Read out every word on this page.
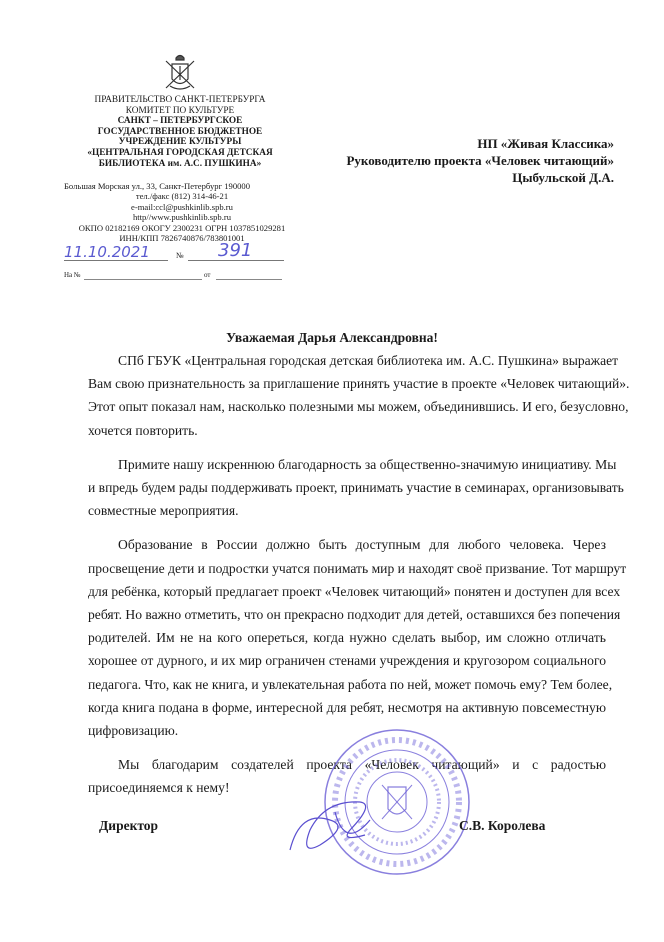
ПРАВИТЕЛЬСТВО САНКТ-ПЕТЕРБУРГА
КОМИТЕТ ПО КУЛЬТУРЕ
САНКТ – ПЕТЕРБУРГСКОЕ
ГОСУДАРСТВЕННОЕ БЮДЖЕТНОЕ
УЧРЕЖДЕНИЕ КУЛЬТУРЫ
«ЦЕНТРАЛЬНАЯ ГОРОДСКАЯ ДЕТСКАЯ
БИБЛИОТЕКА им. А.С. ПУШКИНА»
Большая Морская ул., 33, Санкт-Петербург 190000
тел./факс (812) 314-46-21
e-mail:ccl@pushkinlib.spb.ru
http//www.pushkinlib.spb.ru
ОКПО 02182169 ОКОГУ 2300231 ОГРН 1037851029281
ИНН/КПП 7826740876/783801001
11.10.2021	№ 391
На №	от
НП «Живая Классика»
Руководителю проекта «Человек читающий»
Цыбульской Д.А.
Уважаемая Дарья Александровна!
СПб ГБУК «Центральная городская детская библиотека им. А.С. Пушкина» выражает
Вам свою признательность за приглашение принять участие в проекте «Человек читающий».
Этот опыт показал нам, насколько полезными мы можем, объединившись. И его, безусловно,
хочется повторить.
Примите нашу искреннюю благодарность за общественно-значимую инициативу. Мы
и впредь будем рады поддерживать проект, принимать участие в семинарах, организовывать
совместные мероприятия.
Образование в России должно быть доступным для любого человека. Через
просвещение дети и подростки учатся понимать мир и находят своё призвание. Тот маршрут
для ребёнка, который предлагает проект «Человек читающий» понятен и доступен для всех
ребят. Но важно отметить, что он прекрасно подходит для детей, оставшихся без попечения
родителей. Им не на кого опереться, когда нужно сделать выбор, им сложно отличать
хорошее от дурного, и их мир ограничен стенами учреждения и кругозором социального
педагога. Что, как не книга, и увлекательная работа по ней, может помочь ему? Тем более,
когда книга подана в форме, интересной для ребят, несмотря на активную повсеместную
цифровизацию.
Мы благодарим создателей проекта «Человек читающий» и с радостью
присоединяемся к нему!
Директор	С.В. Королева
